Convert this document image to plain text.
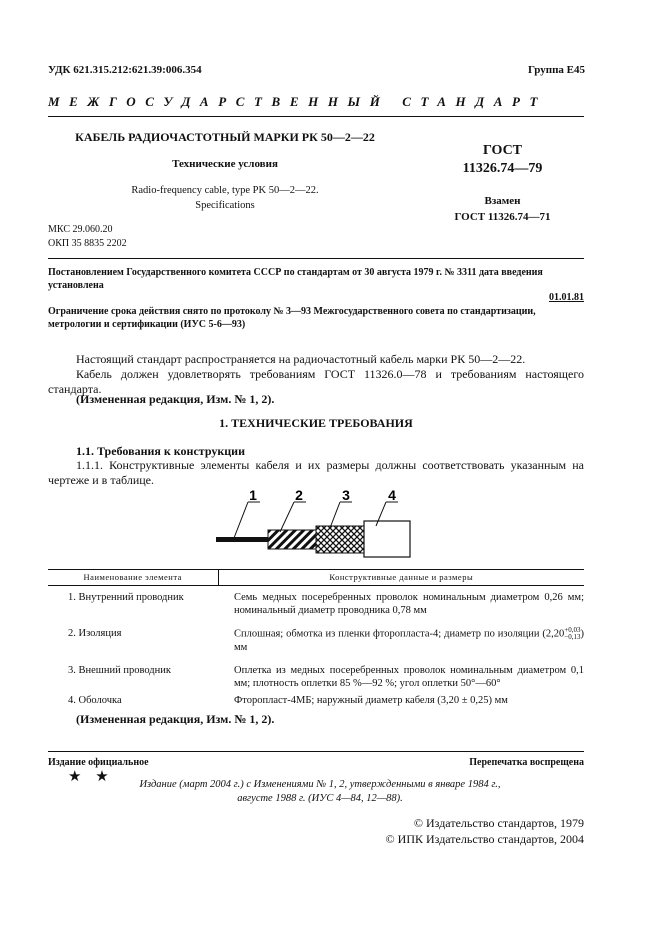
УДК 621.315.212:621.39:006.354	Группа Е45
МЕЖГОСУДАРСТВЕННЫЙ СТАНДАРТ
КАБЕЛЬ РАДИОЧАСТОТНЫЙ МАРКИ РК 50—2—22
Технические условия
Radio-frequency cable, type PK 50—2—22.
Specifications
ГОСТ
11326.74—79
Взамен
ГОСТ 11326.74—71
МКС 29.060.20
ОКП 35 8835 2202
Постановлением Государственного комитета СССР по стандартам от 30 августа 1979 г. № 3311 дата введения установлена
01.01.81
Ограничение срока действия снято по протоколу № 3—93 Межгосударственного совета по стандартизации, метрологии и сертификации (ИУС 5-6—93)
Настоящий стандарт распространяется на радиочастотный кабель марки РК 50—2—22.
Кабель должен удовлетворять требованиям ГОСТ 11326.0—78 и требованиям настоящего стандарта.
(Измененная редакция, Изм. № 1, 2).
1. ТЕХНИЧЕСКИЕ ТРЕБОВАНИЯ
1.1. Требования к конструкции
1.1.1. Конструктивные элементы кабеля и их размеры должны соответствовать указанным на чертеже и в таблице.
1	2	3	4
Наименование элемента	Конструктивные данные и размеры
1. Внутренний проводник	Семь медных посеребренных проволок номинальным диаметром 0,26 мм; номинальный диаметр проводника 0,78 мм
2. Изоляция	Сплошная; обмотка из пленки фторопласта-4; диаметр по изоляции (2,20 +0,03
−0,13 ) мм
3. Внешний проводник	Оплетка из медных посеребренных проволок номинальным диаметром 0,1 мм; плотность оплетки 85 %—92 %; угол оплетки 50°—60°
4. Оболочка	Фторопласт-4МБ; наружный диаметр кабеля (3,20 ± 0,25) мм
(Измененная редакция, Изм. № 1, 2).
Издание официальное	Перепечатка воспрещена
★ ★	Издание (март 2004 г.) с Изменениями № 1, 2, утвержденными в январе 1984 г.,
августе 1988 г. (ИУС 4—84, 12—88).
© Издательство стандартов, 1979
© ИПК Издательство стандартов, 2004
